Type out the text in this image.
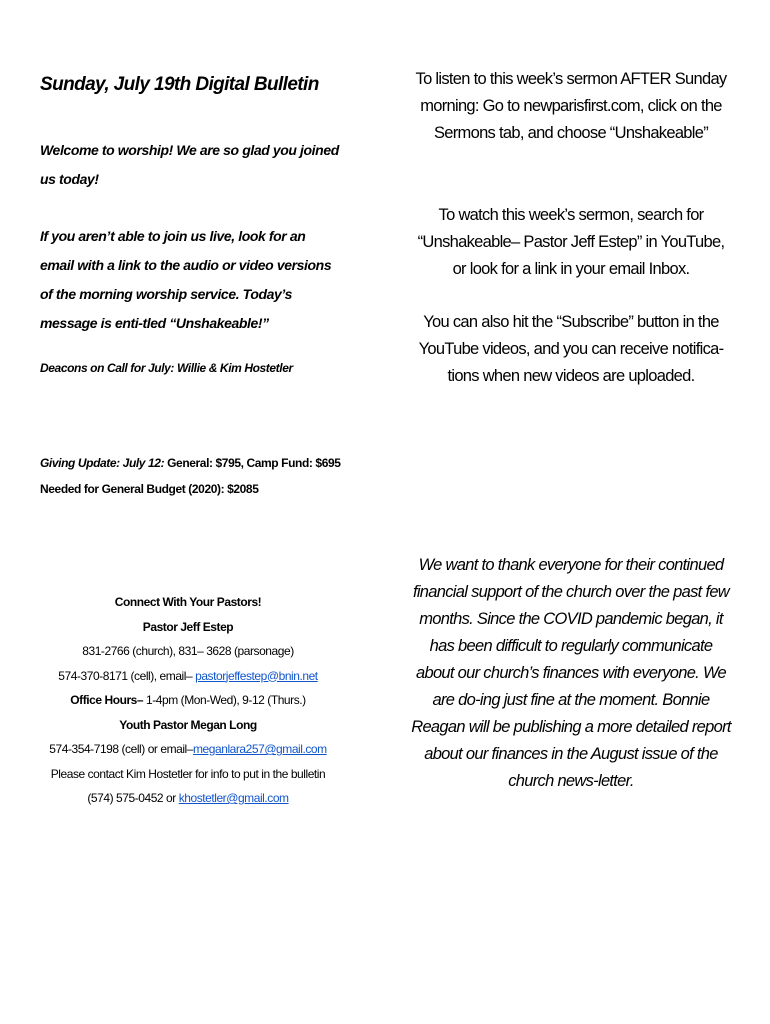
Sunday, July 19th Digital Bulletin

Welcome to worship! We are so glad you joined us today!

If you aren’t able to join us live, look for an email with a link to the audio or video versions of the morning worship service. Today’s message is enti-tled “Unshakeable!”

Deacons on Call for July: Willie & Kim Hostetler

Giving Update: July 12: General: $795, Camp Fund: $695
Needed for General Budget (2020): $2085
Connect With Your Pastors!
Pastor Jeff Estep
831-2766 (church), 831– 3628 (parsonage)
574-370-8171 (cell), email– pastorjeffestep@bnin.net
Office Hours– 1-4pm (Mon-Wed), 9-12 (Thurs.)
Youth Pastor Megan Long
574-354-7198 (cell) or email–meganlara257@gmail.com
Please contact Kim Hostetler for info to put in the bulletin
(574) 575-0452 or khostetler@gmail.com

To listen to this week’s sermon AFTER Sunday morning: Go to newparisfirst.com, click on the Sermons tab, and choose “Unshakeable”

To watch this week’s sermon, search for “Unshakeable– Pastor Jeff Estep” in YouTube, or look for a link in your email Inbox.

You can also hit the “Subscribe” button in the YouTube videos, and you can receive notifica-tions when new videos are uploaded.

We want to thank everyone for their continued financial support of the church over the past few months. Since the COVID pandemic began, it has been difficult to regularly communicate about our church’s finances with everyone. We are do-ing just fine at the moment. Bonnie Reagan will be publishing a more detailed report about our finances in the August issue of the church news-letter.
